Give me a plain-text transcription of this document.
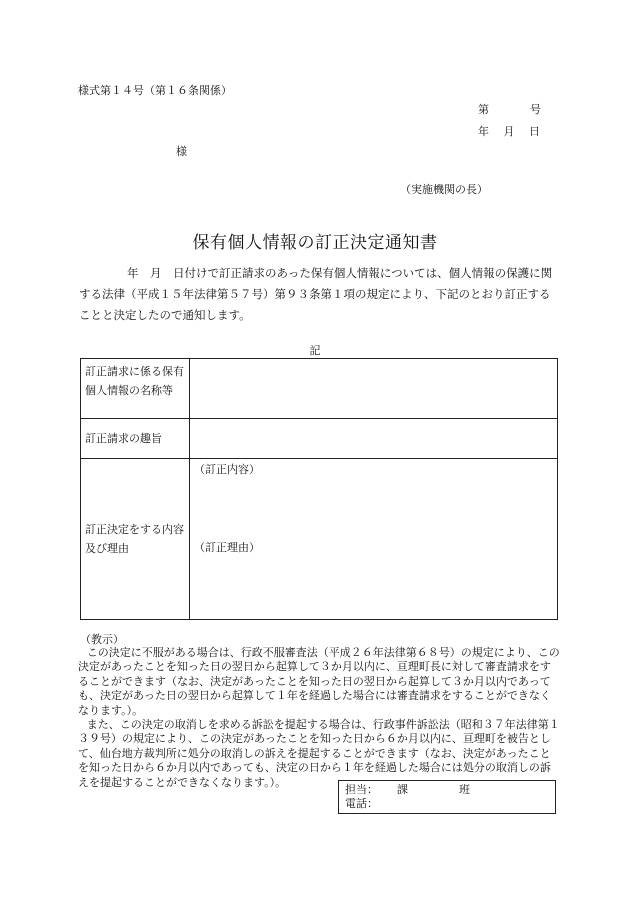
様式第１４号（第１６条関係）
第	号
年 月 日
様
（実施機関の長）
保有個人情報の訂正決定通知書
年　月　日付けで訂正請求のあった保有個人情報については、個人情報の保護に関する法律（平成１５年法律第５７号）第９３条第１項の規定により、下記のとおり訂正することと決定したので通知します。
記
訂正請求に係る保有個人情報の名称等	
訂正請求の趣旨	
訂正決定をする内容及び理由	（訂正内容）
（訂正理由）
（教示）

この決定に不服がある場合は、行政不服審査法（平成２６年法律第６８号）の規定により、この決定があったことを知った日の翌日から起算して３か月以内に、亘理町長に対して審査請求をすることができます（なお、決定があったことを知った日の翌日から起算して３か月以内であっても、決定があった日の翌日から起算して１年を経過した場合には審査請求をすることができなくなります。）。

また、この決定の取消しを求める訴訟を提起する場合は、行政事件訴訟法（昭和３７年法律第１３９号）の規定により、この決定があったことを知った日から６か月以内に、亘理町を被告として、仙台地方裁判所に処分の取消しの訴えを提起することができます（なお、決定があったことを知った日から６か月以内であっても、決定の日から１年を経過した場合には処分の取消しの訴えを提起することができなくなります。）。

担当：	課	班
電話：
